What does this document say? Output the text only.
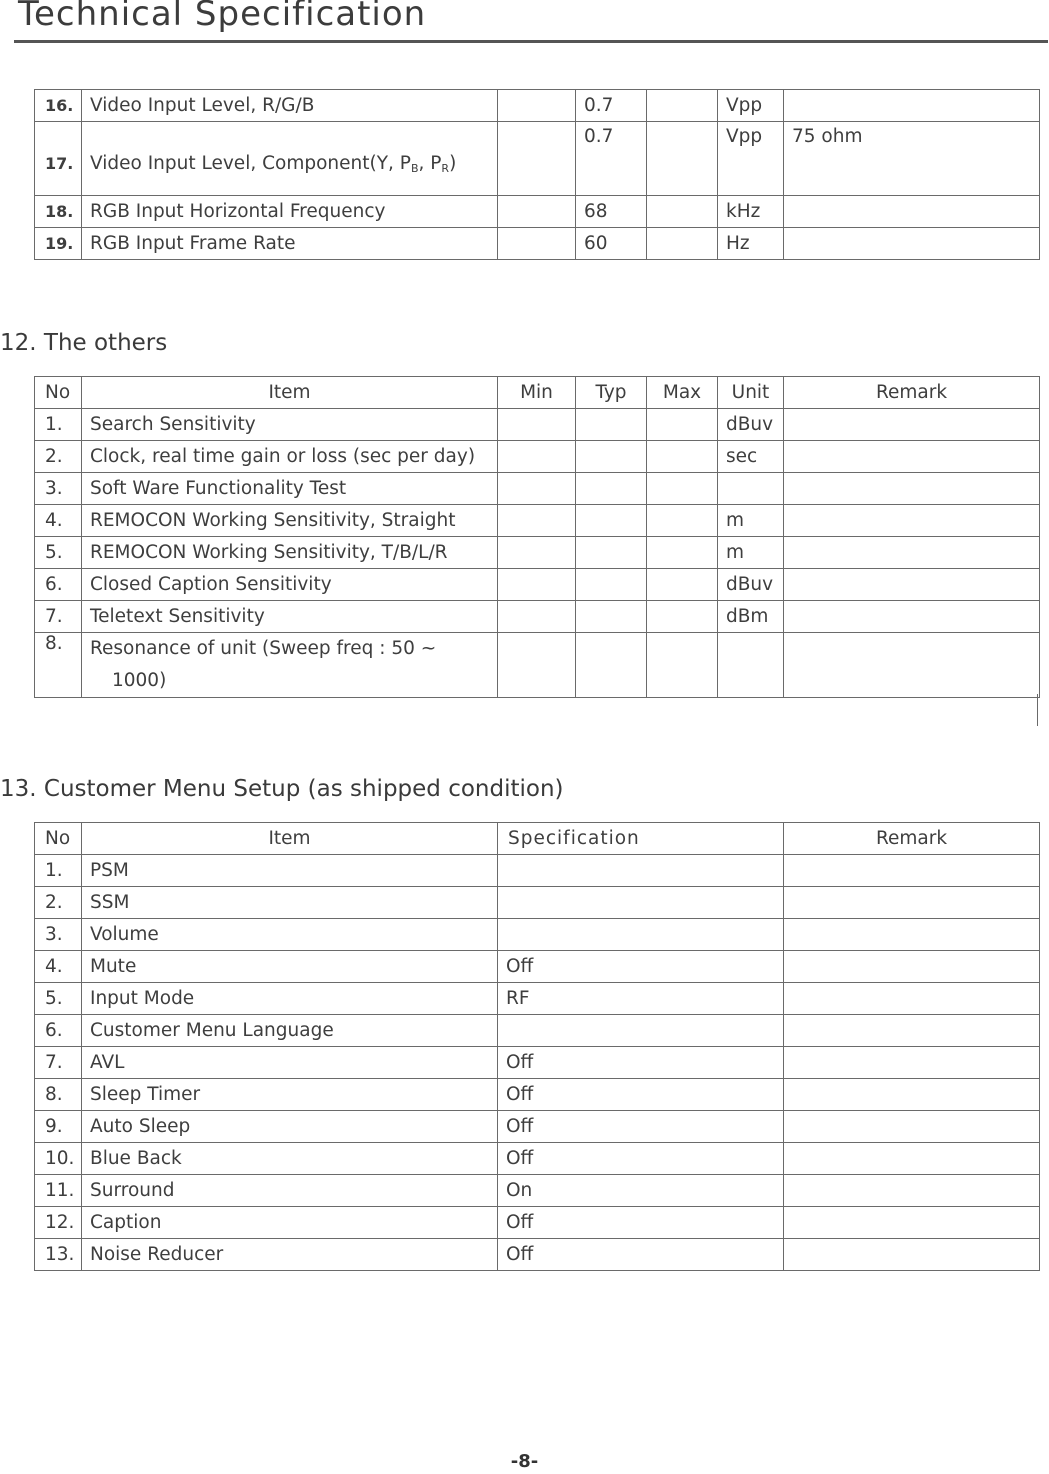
Technical Specification
16.	Video Input Level, R/G/B		0.7		Vpp	
17.	Video Input Level, Component(Y, $P_B$, $P_R$)		0.7		Vpp	75 ohm
18.	RGB Input Horizontal Frequency		68		kHz	
19.	RGB Input Frame Rate		60		Hz	
12. The others
No	Item	Min	Typ	Max	Unit	Remark
1.	Search Sensitivity				dBuv	
2.	Clock, real time gain or loss (sec per day)				sec	
3.	Soft Ware Functionality Test					
4.	REMOCON Working Sensitivity, Straight				m	
5.	REMOCON Working Sensitivity, T/B/L/R				m	
6.	Closed Caption Sensitivity				dBuv	
7.	Teletext Sensitivity				dBm	
8.	Resonance of unit (Sweep freq : 50 ~
1000)					
13. Customer Menu Setup (as shipped condition)
No	Item	Specification	Remark
1.	PSM		
2.	SSM		
3.	Volume		
4.	Mute	Off	
5.	Input Mode	RF	
6.	Customer Menu Language		
7.	AVL	Off	
8.	Sleep Timer	Off	
9.	Auto Sleep	Off	
10.	Blue Back	Off	
11.	Surround	On	
12.	Caption	Off	
13.	Noise Reducer	Off	
-8-
